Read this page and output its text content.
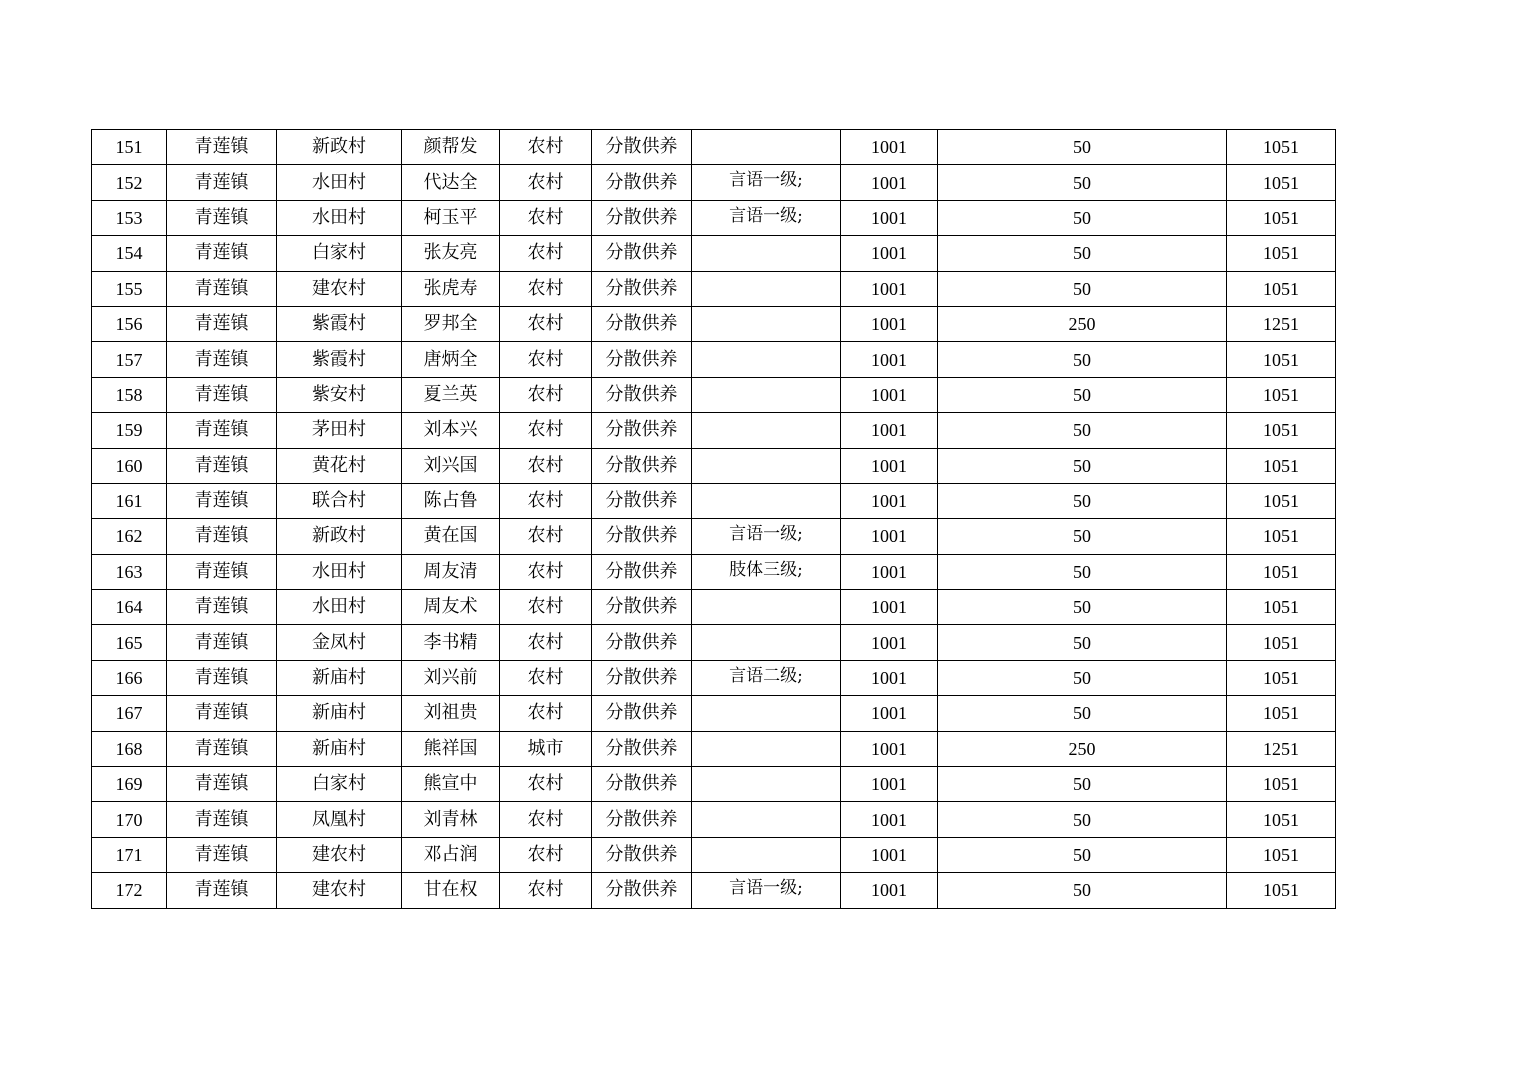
151	青莲镇	新政村	颜帮发	农村	分散供养		1001	50	1051
152	青莲镇	水田村	代达全	农村	分散供养	言语一级;	1001	50	1051
153	青莲镇	水田村	柯玉平	农村	分散供养	言语一级;	1001	50	1051
154	青莲镇	白家村	张友亮	农村	分散供养		1001	50	1051
155	青莲镇	建农村	张虎寿	农村	分散供养		1001	50	1051
156	青莲镇	紫霞村	罗邦全	农村	分散供养		1001	250	1251
157	青莲镇	紫霞村	唐炳全	农村	分散供养		1001	50	1051
158	青莲镇	紫安村	夏兰英	农村	分散供养		1001	50	1051
159	青莲镇	茅田村	刘本兴	农村	分散供养		1001	50	1051
160	青莲镇	黄花村	刘兴国	农村	分散供养		1001	50	1051
161	青莲镇	联合村	陈占鲁	农村	分散供养		1001	50	1051
162	青莲镇	新政村	黄在国	农村	分散供养	言语一级;	1001	50	1051
163	青莲镇	水田村	周友清	农村	分散供养	肢体三级;	1001	50	1051
164	青莲镇	水田村	周友术	农村	分散供养		1001	50	1051
165	青莲镇	金凤村	李书精	农村	分散供养		1001	50	1051
166	青莲镇	新庙村	刘兴前	农村	分散供养	言语二级;	1001	50	1051
167	青莲镇	新庙村	刘祖贵	农村	分散供养		1001	50	1051
168	青莲镇	新庙村	熊祥国	城市	分散供养		1001	250	1251
169	青莲镇	白家村	熊宣中	农村	分散供养		1001	50	1051
170	青莲镇	凤凰村	刘青林	农村	分散供养		1001	50	1051
171	青莲镇	建农村	邓占润	农村	分散供养		1001	50	1051
172	青莲镇	建农村	甘在权	农村	分散供养	言语一级;	1001	50	1051
